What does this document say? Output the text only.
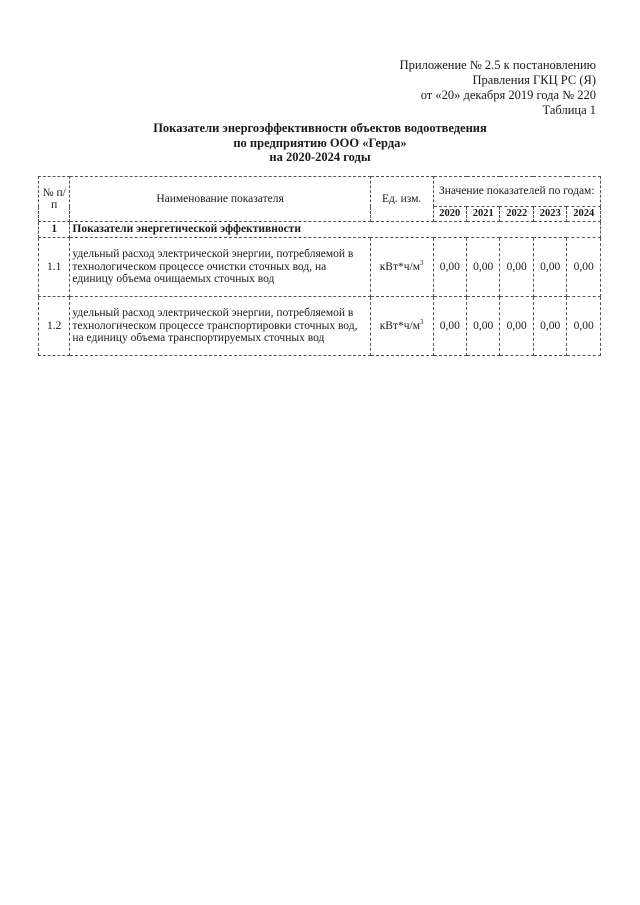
Приложение № 2.5 к постановлению
Правления ГКЦ РС (Я)
от «20» декабря 2019 года № 220
Таблица 1
Показатели энергоэффективности объектов водоотведения
по предприятию ООО «Герда»
на 2020-2024 годы
№ п/п	Наименование показателя	Ед. изм.	Значение показателей по годам:				
			2020	2021	2022	2023	2024
1	Показатели энергетической эффективности						
1.1	удельный расход электрической энергии, потребляемой в технологическом процессе очистки сточных вод, на единицу объема очищаемых сточных вод	$кВт*ч/м^3$	0,00	0,00	0,00	0,00	0,00
1.2	удельный расход электрической энергии, потребляемой в технологическом процессе транспортировки сточных вод, на единицу объема транспортируемых сточных вод	$кВт*ч/м^3$	0,00	0,00	0,00	0,00	0,00
